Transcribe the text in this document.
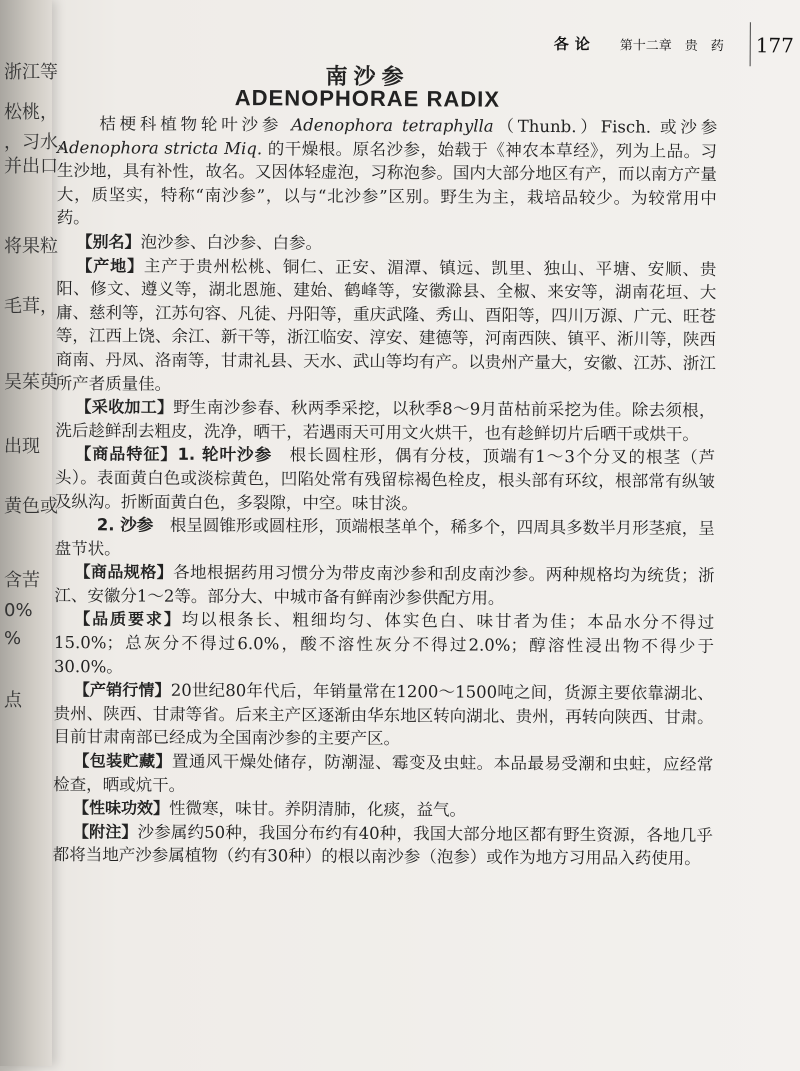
浙江等
松桃，
，习水、
并出口
将果粒
毛茸，
吴茱萸
出现
黄色或
含苦
0%
%
点
各论 第十二章　贵　药 177
南沙参
ADENOPHORAE RADIX

桔梗科植物轮叶沙参 Adenophora tetraphylla（Thunb.）Fisch. 或沙参 Adenophora stricta Miq. 的干燥根。原名沙参，始载于《神农本草经》，列为上品。习生沙地，具有补性，故名。又因体轻虚泡，习称泡参。国内大部分地区有产，而以南方产量大，质坚实，特称“南沙参”，以与“北沙参”区别。野生为主，栽培品较少。为较常用中药。

【别名】泡沙参、白沙参、白参。

【产地】主产于贵州松桃、铜仁、正安、湄潭、镇远、凯里、独山、平塘、安顺、贵阳、修文、遵义等，湖北恩施、建始、鹤峰等，安徽滁县、全椒、来安等，湖南花垣、大庸、慈利等，江苏句容、凡徒、丹阳等，重庆武隆、秀山、酉阳等，四川万源、广元、旺苍等，江西上饶、余江、新干等，浙江临安、淳安、建德等，河南西陕、镇平、淅川等，陕西商南、丹凤、洛南等，甘肃礼县、天水、武山等均有产。以贵州产量大，安徽、江苏、浙江所产者质量佳。

【采收加工】野生南沙参春、秋两季采挖，以秋季8～9月苗枯前采挖为佳。除去须根，洗后趁鲜刮去粗皮，洗净，晒干，若遇雨天可用文火烘干，也有趁鲜切片后晒干或烘干。

【商品特征】1. 轮叶沙参　根长圆柱形，偶有分枝，顶端有1～3个分叉的根茎（芦头）。表面黄白色或淡棕黄色，凹陷处常有残留棕褐色栓皮，根头部有环纹，根部常有纵皱及纵沟。折断面黄白色，多裂隙，中空。味甘淡。

2. 沙参　根呈圆锥形或圆柱形，顶端根茎单个，稀多个，四周具多数半月形茎痕，呈盘节状。

【商品规格】各地根据药用习惯分为带皮南沙参和刮皮南沙参。两种规格均为统货；浙江、安徽分1～2等。部分大、中城市备有鲜南沙参供配方用。

【品质要求】均以根条长、粗细均匀、体实色白、味甘者为佳；本品水分不得过15.0%；总灰分不得过6.0%，酸不溶性灰分不得过2.0%；醇溶性浸出物不得少于30.0%。

【产销行情】20世纪80年代后，年销量常在1200～1500吨之间，货源主要依靠湖北、贵州、陕西、甘肃等省。后来主产区逐渐由华东地区转向湖北、贵州，再转向陕西、甘肃。目前甘肃南部已经成为全国南沙参的主要产区。

【包装贮藏】置通风干燥处储存，防潮湿、霉变及虫蛀。本品最易受潮和虫蛀，应经常检查，晒或炕干。

【性味功效】性微寒，味甘。养阴清肺，化痰，益气。

【附注】沙参属约50种，我国分布约有40种，我国大部分地区都有野生资源，各地几乎都将当地产沙参属植物（约有30种）的根以南沙参（泡参）或作为地方习用品入药使用。
